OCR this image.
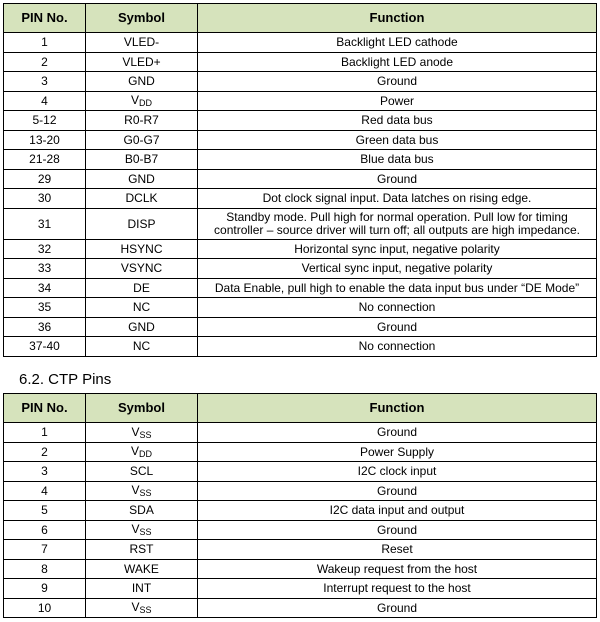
PIN No.	Symbol	Function
1	VLED-	Backlight LED cathode
2	VLED+	Backlight LED anode
3	GND	Ground
4	VDD	Power
5-12	R0-R7	Red data bus
13-20	G0-G7	Green data bus
21-28	B0-B7	Blue data bus
29	GND	Ground
30	DCLK	Dot clock signal input. Data latches on rising edge.
31	DISP	Standby mode. Pull high for normal operation. Pull low for timing controller – source driver will turn off; all outputs are high impedance.
32	HSYNC	Horizontal sync input, negative polarity
33	VSYNC	Vertical sync input, negative polarity
34	DE	Data Enable, pull high to enable the data input bus under “DE Mode”
35	NC	No connection
36	GND	Ground
37-40	NC	No connection
6.2. CTP Pins
PIN No.	Symbol	Function
1	VSS	Ground
2	VDD	Power Supply
3	SCL	I2C clock input
4	VSS	Ground
5	SDA	I2C data input and output
6	VSS	Ground
7	RST	Reset
8	WAKE	Wakeup request from the host
9	INT	Interrupt request to the host
10	VSS	Ground
